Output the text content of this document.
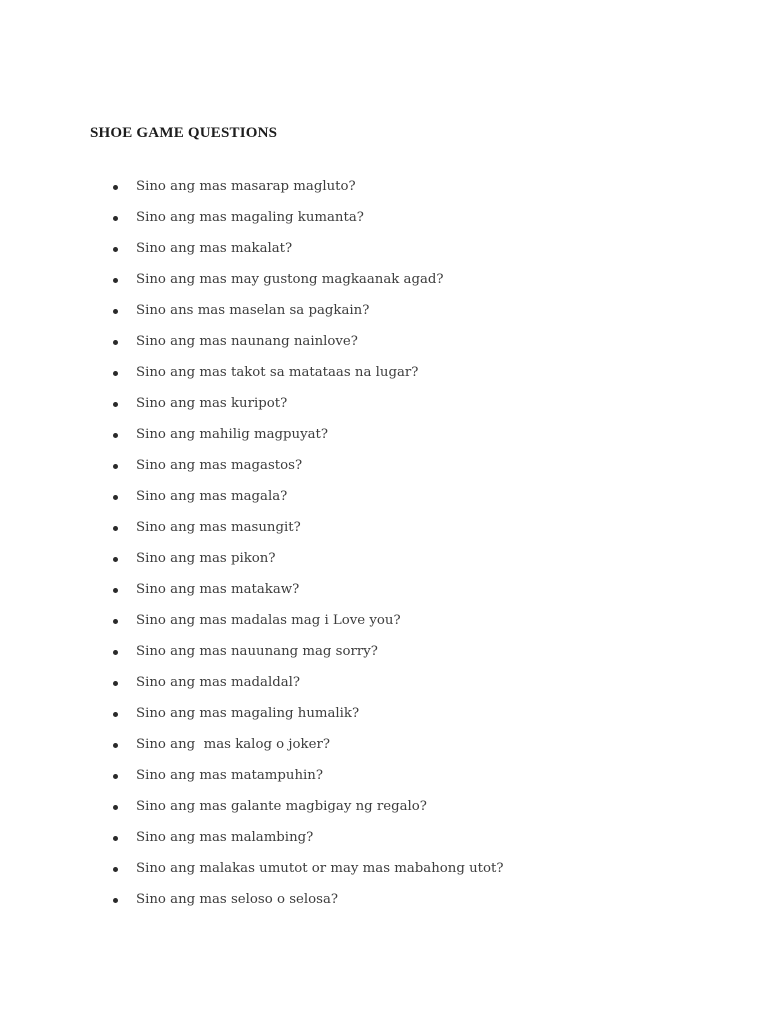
SHOE GAME QUESTIONS
Sino ang mas masarap magluto?
Sino ang mas magaling kumanta?
Sino ang mas makalat?
Sino ang mas may gustong magkaanak agad?
Sino ans mas maselan sa pagkain?
Sino ang mas naunang nainlove?
Sino ang mas takot sa matataas na lugar?
Sino ang mas kuripot?
Sino ang mahilig magpuyat?
Sino ang mas magastos?
Sino ang mas magala?
Sino ang mas masungit?
Sino ang mas pikon?
Sino ang mas matakaw?
Sino ang mas madalas mag i Love you?
Sino ang mas nauunang mag sorry?
Sino ang mas madaldal?
Sino ang mas magaling humalik?
Sino ang  mas kalog o joker?
Sino ang mas matampuhin?
Sino ang mas galante magbigay ng regalo?
Sino ang mas malambing?
Sino ang malakas umutot or may mas mabahong utot?
Sino ang mas seloso o selosa?
